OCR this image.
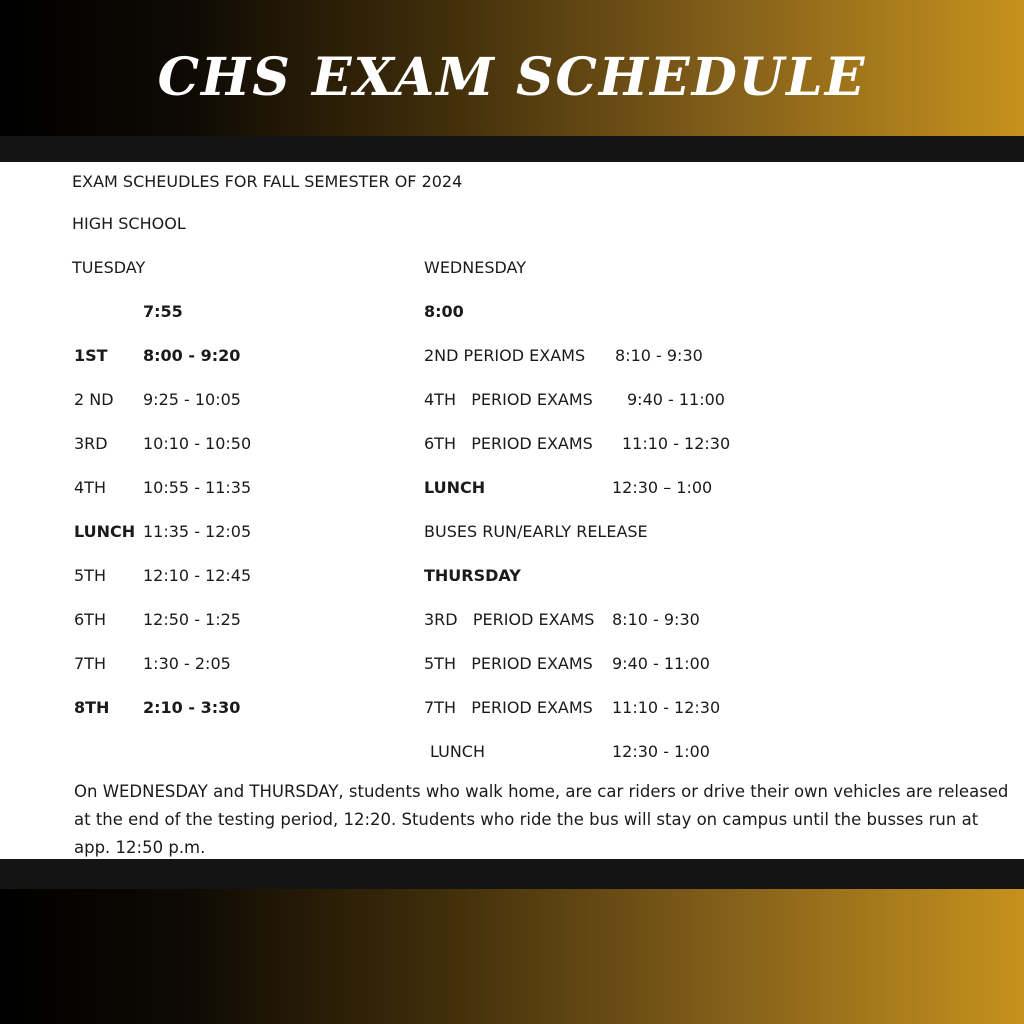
CHS EXAM SCHEDULE
EXAM SCHEUDLES FOR FALL SEMESTER OF 2024
HIGH SCHOOL
TUESDAY
7:55
1ST 8:00 - 9:20
2 ND 9:25 - 10:05
3RD 10:10 - 10:50
4TH 10:55 - 11:35
LUNCH 11:35 - 12:05
5TH 12:10 - 12:45
6TH 12:50 - 1:25
7TH 1:30 - 2:05
8TH 2:10 - 3:30
WEDNESDAY
8:00
2ND PERIOD EXAMS 8:10 - 9:30
4TH   PERIOD EXAMS 9:40 - 11:00
6TH   PERIOD EXAMS 11:10 - 12:30
LUNCH	12:30 – 1:00
BUSES RUN/EARLY RELEASE
THURSDAY
3RD   PERIOD EXAMS 8:10 - 9:30
5TH   PERIOD EXAMS 9:40 - 11:00
7TH   PERIOD EXAMS 11:10 - 12:30
LUNCH	12:30 - 1:00
On WEDNESDAY and THURSDAY, students who walk home, are car riders or drive their own vehicles are released at the end of the testing period, 12:20. Students who ride the bus will stay on campus until the busses run at app. 12:50 p.m.
